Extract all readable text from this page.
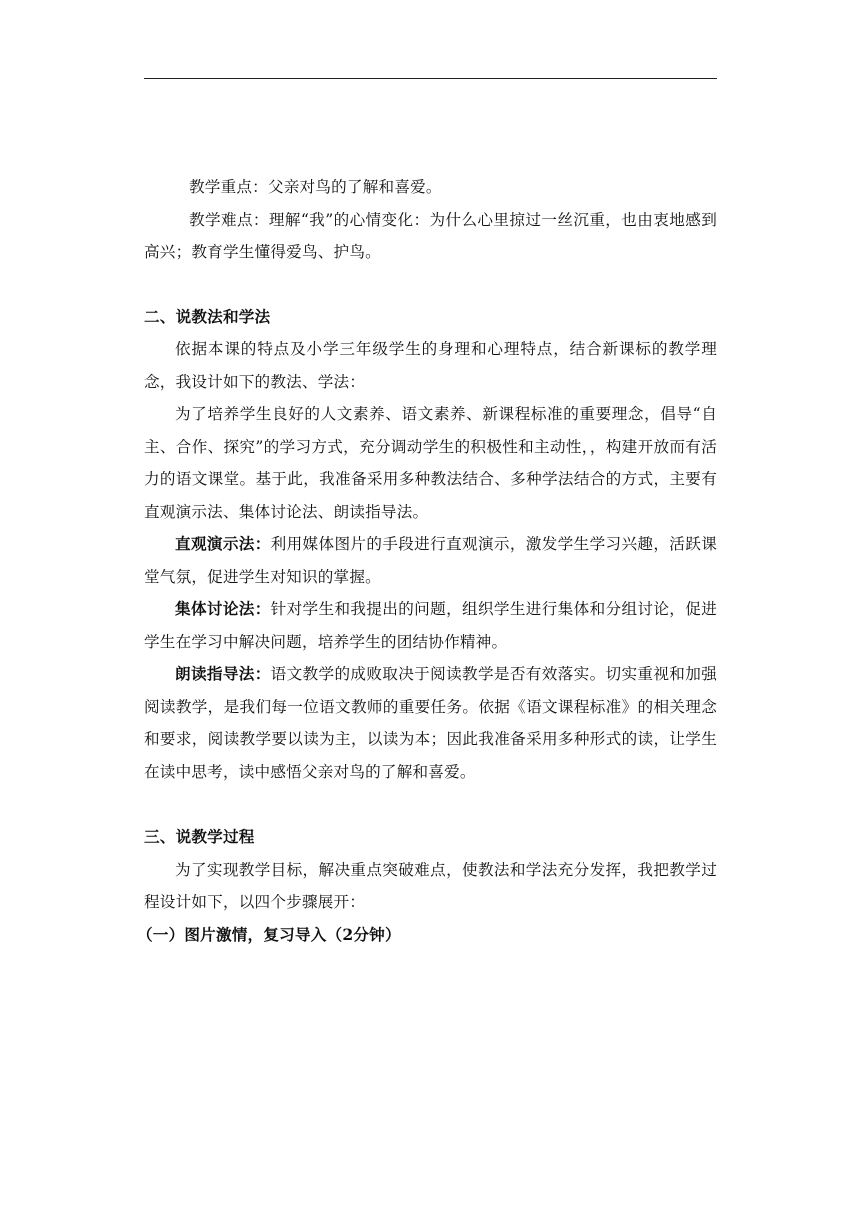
教学重点：父亲对鸟的了解和喜爱。

教学难点：理解“我”的心情变化：为什么心里掠过一丝沉重，也由衷地感到高兴；教育学生懂得爱鸟、护鸟。

二、说教法和学法

依据本课的特点及小学三年级学生的身理和心理特点，结合新课标的教学理念，我设计如下的教法、学法：

为了培养学生良好的人文素养、语文素养、新课程标准的重要理念，倡导“自主、合作、探究”的学习方式，充分调动学生的积极性和主动性，，构建开放而有活力的语文课堂。基于此，我准备采用多种教法结合、多种学法结合的方式，主要有直观演示法、集体讨论法、朗读指导法。

直观演示法：利用媒体图片的手段进行直观演示，激发学生学习兴趣，活跃课堂气氛，促进学生对知识的掌握。

集体讨论法：针对学生和我提出的问题，组织学生进行集体和分组讨论，促进学生在学习中解决问题，培养学生的团结协作精神。

朗读指导法：语文教学的成败取决于阅读教学是否有效落实。切实重视和加强阅读教学，是我们每一位语文教师的重要任务。依据《语文课程标准》的相关理念和要求，阅读教学要以读为主，以读为本；因此我准备采用多种形式的读，让学生在读中思考，读中感悟父亲对鸟的了解和喜爱。

三、说教学过程

为了实现教学目标，解决重点突破难点，使教法和学法充分发挥，我把教学过程设计如下，以四个步骤展开：

（一）图片激情，复习导入（2分钟）
